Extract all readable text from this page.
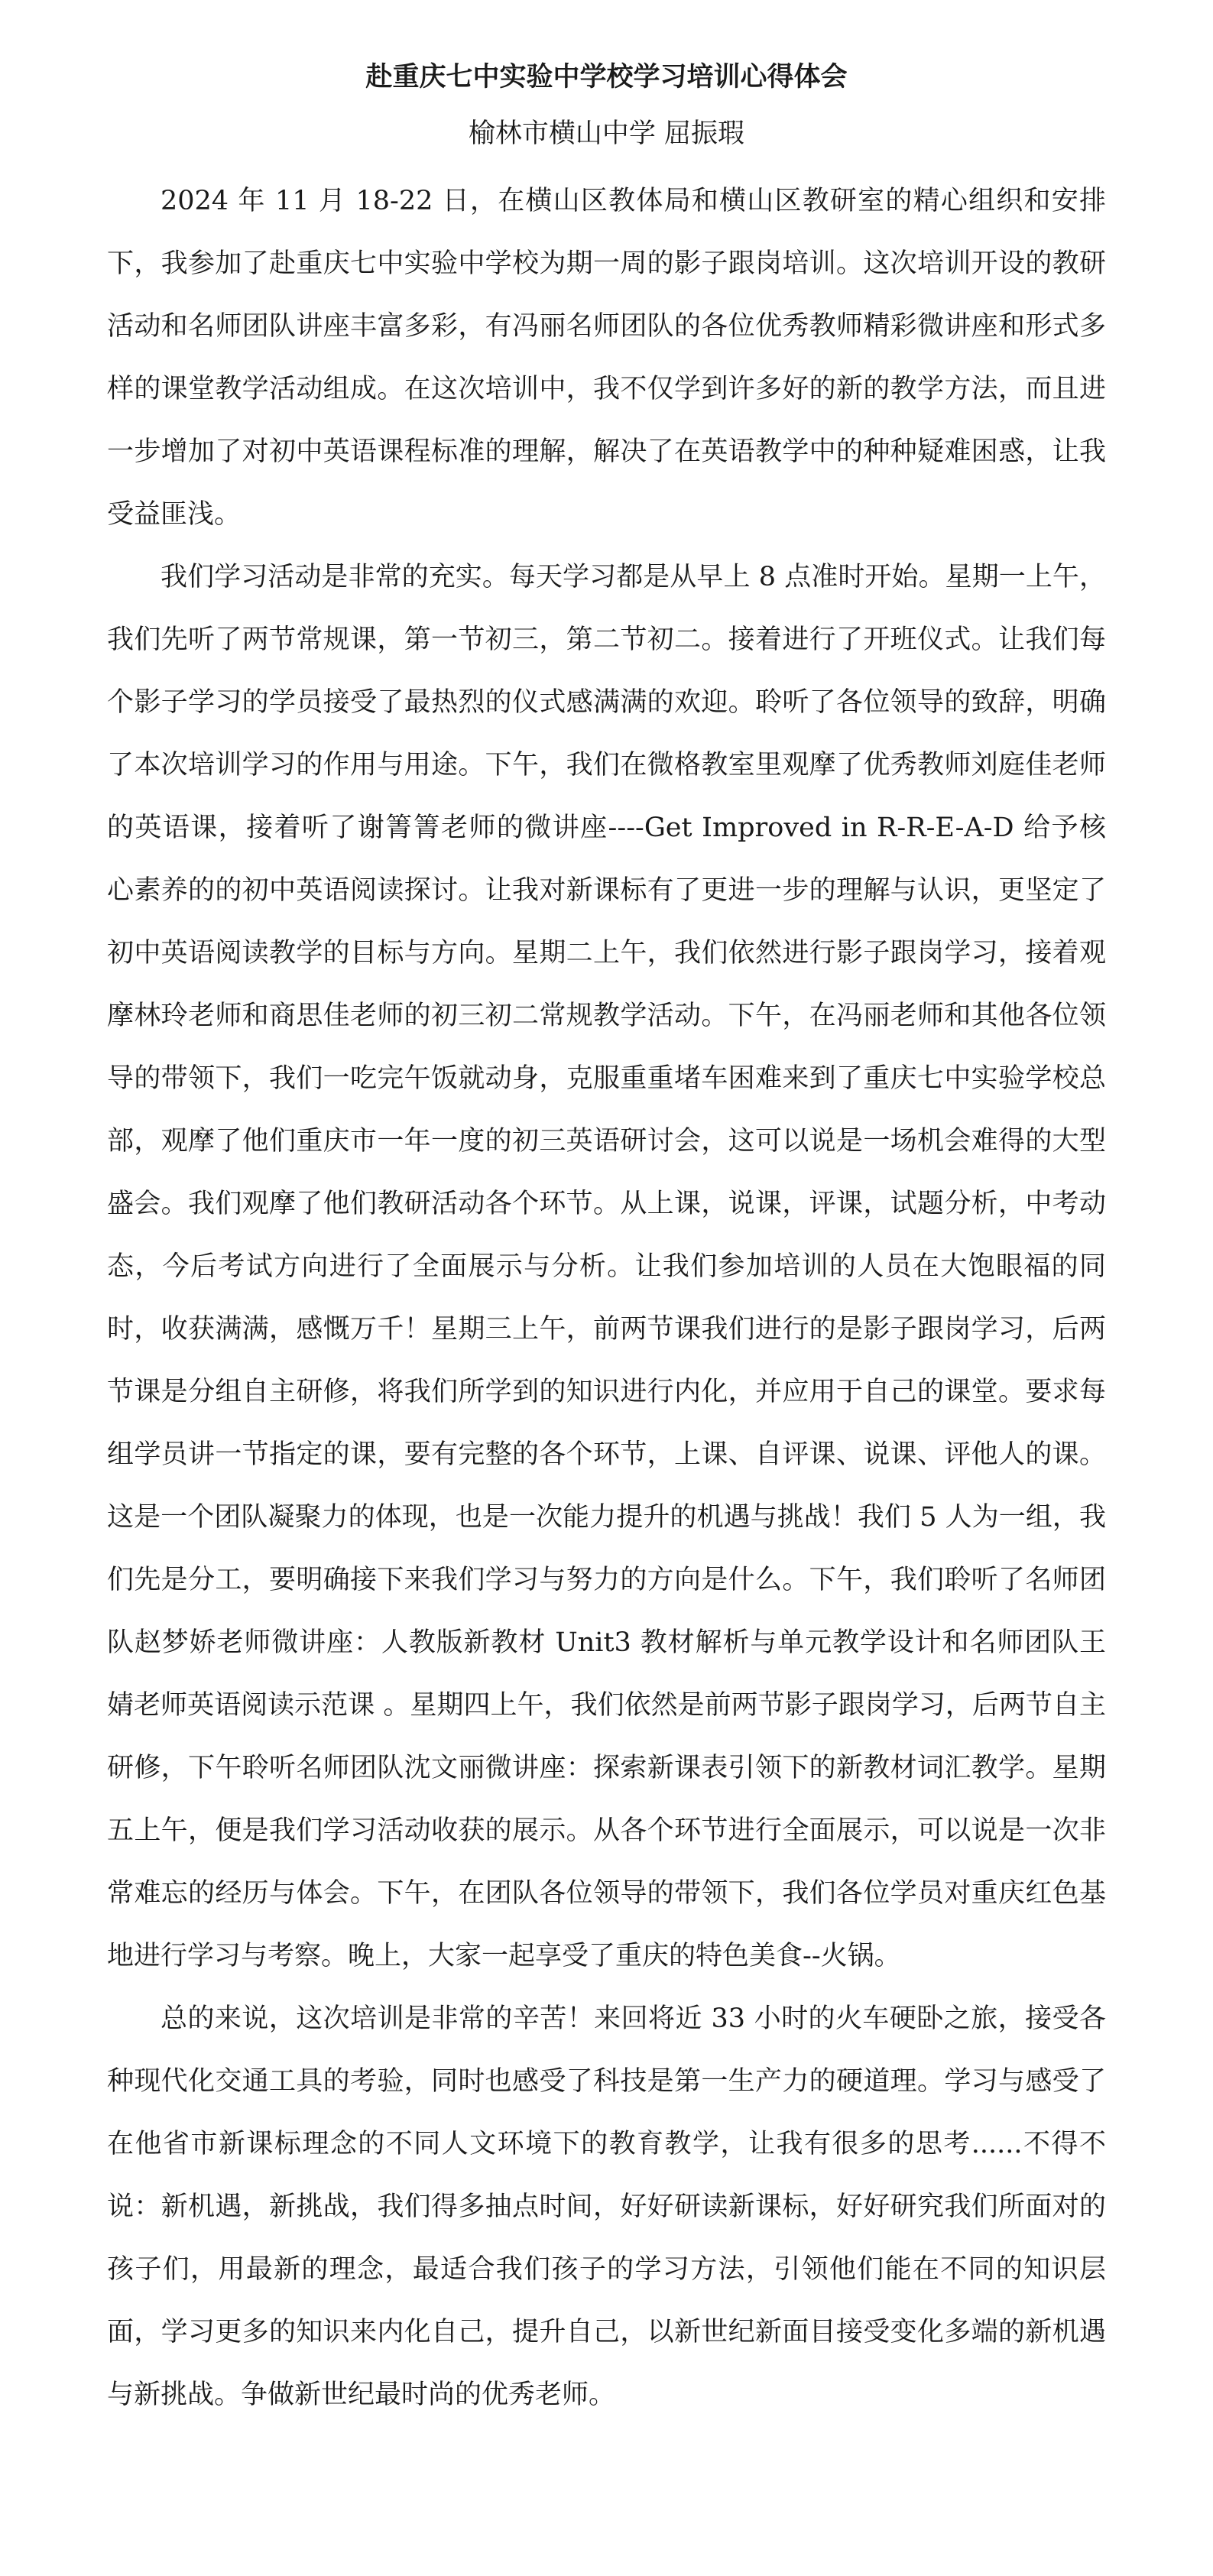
赴重庆七中实验中学校学习培训心得体会
榆林市横山中学 屈振瑕

2024 年 11 月 18-22 日，在横山区教体局和横山区教研室的精心组织和安排下，我参加了赴重庆七中实验中学校为期一周的影子跟岗培训。这次培训开设的教研活动和名师团队讲座丰富多彩，有冯丽名师团队的各位优秀教师精彩微讲座和形式多样的课堂教学活动组成。在这次培训中，我不仅学到许多好的新的教学方法，而且进一步增加了对初中英语课程标准的理解，解决了在英语教学中的种种疑难困惑，让我受益匪浅。

我们学习活动是非常的充实。每天学习都是从早上 8 点准时开始。星期一上午，我们先听了两节常规课，第一节初三，第二节初二。接着进行了开班仪式。让我们每个影子学习的学员接受了最热烈的仪式感满满的欢迎。聆听了各位领导的致辞，明确了本次培训学习的作用与用途。下午，我们在微格教室里观摩了优秀教师刘庭佳老师的英语课，接着听了谢箐箐老师的微讲座----Get Improved in R-R-E-A-D 给予核心素养的的初中英语阅读探讨。让我对新课标有了更进一步的理解与认识，更坚定了初中英语阅读教学的目标与方向。星期二上午，我们依然进行影子跟岗学习，接着观摩林玲老师和商思佳老师的初三初二常规教学活动。下午，在冯丽老师和其他各位领导的带领下，我们一吃完午饭就动身，克服重重堵车困难来到了重庆七中实验学校总部，观摩了他们重庆市一年一度的初三英语研讨会，这可以说是一场机会难得的大型盛会。我们观摩了他们教研活动各个环节。从上课，说课，评课，试题分析，中考动态，今后考试方向进行了全面展示与分析。让我们参加培训的人员在大饱眼福的同时，收获满满，感慨万千！星期三上午，前两节课我们进行的是影子跟岗学习，后两节课是分组自主研修，将我们所学到的知识进行内化，并应用于自己的课堂。要求每组学员讲一节指定的课，要有完整的各个环节，上课、自评课、说课、评他人的课。这是一个团队凝聚力的体现，也是一次能力提升的机遇与挑战！我们 5 人为一组，我们先是分工，要明确接下来我们学习与努力的方向是什么。下午，我们聆听了名师团队赵梦娇老师微讲座：人教版新教材 Unit3 教材解析与单元教学设计和名师团队王婧老师英语阅读示范课 。星期四上午，我们依然是前两节影子跟岗学习，后两节自主研修，下午聆听名师团队沈文丽微讲座：探索新课表引领下的新教材词汇教学。星期五上午，便是我们学习活动收获的展示。从各个环节进行全面展示，可以说是一次非常难忘的经历与体会。下午，在团队各位领导的带领下，我们各位学员对重庆红色基地进行学习与考察。晚上，大家一起享受了重庆的特色美食--火锅。

总的来说，这次培训是非常的辛苦！来回将近 33 小时的火车硬卧之旅，接受各种现代化交通工具的考验，同时也感受了科技是第一生产力的硬道理。学习与感受了在他省市新课标理念的不同人文环境下的教育教学，让我有很多的思考......不得不说：新机遇，新挑战，我们得多抽点时间，好好研读新课标，好好研究我们所面对的孩子们，用最新的理念，最适合我们孩子的学习方法，引领他们能在不同的知识层面，学习更多的知识来内化自己，提升自己，以新世纪新面目接受变化多端的新机遇与新挑战。争做新世纪最时尚的优秀老师。
